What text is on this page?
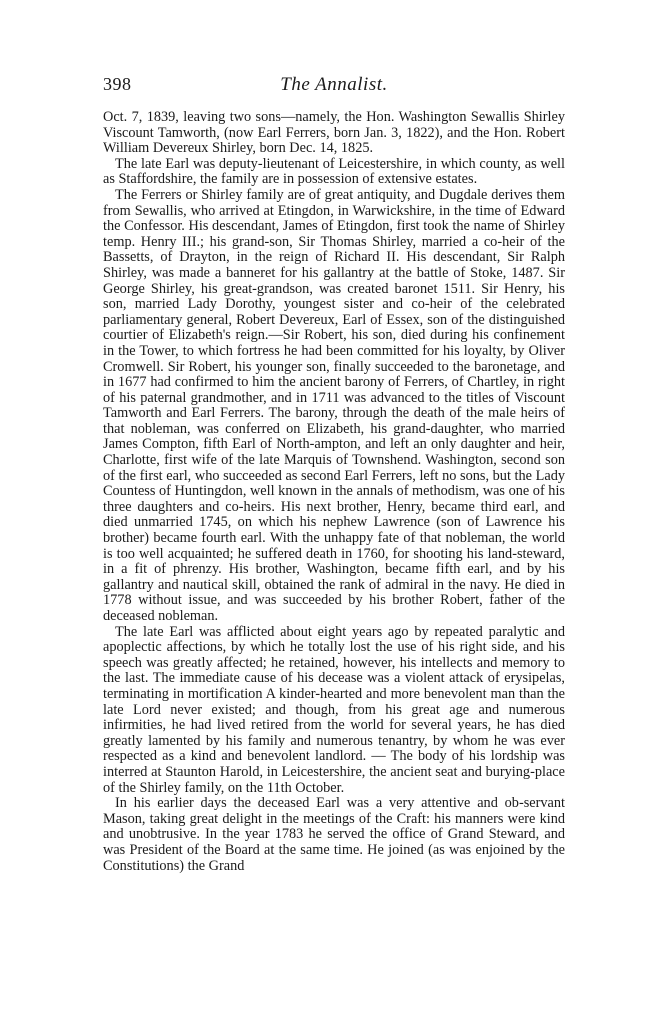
398	The Annalist.

Oct. 7, 1839, leaving two sons—namely, the Hon. Washington Sewallis Shirley Viscount Tamworth, (now Earl Ferrers, born Jan. 3, 1822), and the Hon. Robert William Devereux Shirley, born Dec. 14, 1825.

The late Earl was deputy-lieutenant of Leicestershire, in which county, as well as Staffordshire, the family are in possession of extensive estates.

The Ferrers or Shirley family are of great antiquity, and Dugdale derives them from Sewallis, who arrived at Etingdon, in Warwickshire, in the time of Edward the Confessor. His descendant, James of Etingdon, first took the name of Shirley temp. Henry III.; his grand-son, Sir Thomas Shirley, married a co-heir of the Bassetts, of Drayton, in the reign of Richard II. His descendant, Sir Ralph Shirley, was made a banneret for his gallantry at the battle of Stoke, 1487. Sir George Shirley, his great-grandson, was created baronet 1511. Sir Henry, his son, married Lady Dorothy, youngest sister and co-heir of the celebrated parliamentary general, Robert Devereux, Earl of Essex, son of the distinguished courtier of Elizabeth's reign.—Sir Robert, his son, died during his confinement in the Tower, to which fortress he had been committed for his loyalty, by Oliver Cromwell. Sir Robert, his younger son, finally succeeded to the baronetage, and in 1677 had confirmed to him the ancient barony of Ferrers, of Chartley, in right of his paternal grandmother, and in 1711 was advanced to the titles of Viscount Tamworth and Earl Ferrers. The barony, through the death of the male heirs of that nobleman, was conferred on Elizabeth, his grand-daughter, who married James Compton, fifth Earl of North-ampton, and left an only daughter and heir, Charlotte, first wife of the late Marquis of Townshend. Washington, second son of the first earl, who succeeded as second Earl Ferrers, left no sons, but the Lady Countess of Huntingdon, well known in the annals of methodism, was one of his three daughters and co-heirs. His next brother, Henry, became third earl, and died unmarried 1745, on which his nephew Lawrence (son of Lawrence his brother) became fourth earl. With the unhappy fate of that nobleman, the world is too well acquainted; he suffered death in 1760, for shooting his land-steward, in a fit of phrenzy. His brother, Washington, became fifth earl, and by his gallantry and nautical skill, obtained the rank of admiral in the navy. He died in 1778 without issue, and was succeeded by his brother Robert, father of the deceased nobleman.

The late Earl was afflicted about eight years ago by repeated paralytic and apoplectic affections, by which he totally lost the use of his right side, and his speech was greatly affected; he retained, however, his intellects and memory to the last. The immediate cause of his decease was a violent attack of erysipelas, terminating in mortification A kinder-hearted and more benevolent man than the late Lord never existed; and though, from his great age and numerous infirmities, he had lived retired from the world for several years, he has died greatly lamented by his family and numerous tenantry, by whom he was ever respected as a kind and benevolent landlord. — The body of his lordship was interred at Staunton Harold, in Leicestershire, the ancient seat and burying-place of the Shirley family, on the 11th October.

In his earlier days the deceased Earl was a very attentive and ob-servant Mason, taking great delight in the meetings of the Craft: his manners were kind and unobtrusive. In the year 1783 he served the office of Grand Steward, and was President of the Board at the same time. He joined (as was enjoined by the Constitutions) the Grand
